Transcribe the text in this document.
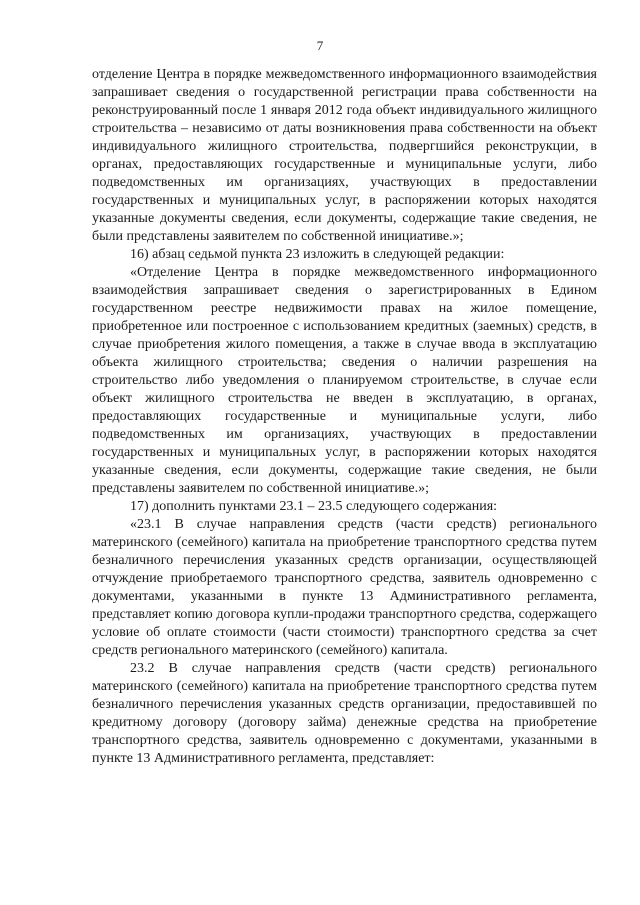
7

отделение Центра в порядке межведомственного информационного взаимодействия запрашивает сведения о государственной регистрации права собственности на реконструированный после 1 января 2012 года объект индивидуального жилищного строительства – независимо от даты возникновения права собственности на объект индивидуального жилищного строительства, подвергшийся реконструкции, в органах, предоставляющих государственные и муниципальные услуги, либо подведомственных им организациях, участвующих в предоставлении государственных и муниципальных услуг, в распоряжении которых находятся указанные документы сведения, если документы, содержащие такие сведения, не были представлены заявителем по собственной инициативе.»;

16) абзац седьмой пункта 23 изложить в следующей редакции:

«Отделение Центра в порядке межведомственного информационного взаимодействия запрашивает сведения о зарегистрированных в Едином государственном реестре недвижимости правах на жилое помещение, приобретенное или построенное с использованием кредитных (заемных) средств, в случае приобретения жилого помещения, а также в случае ввода в эксплуатацию объекта жилищного строительства; сведения о наличии разрешения на строительство либо уведомления о планируемом строительстве, в случае если объект жилищного строительства не введен в эксплуатацию, в органах, предоставляющих государственные и муниципальные услуги, либо подведомственных им организациях, участвующих в предоставлении государственных и муниципальных услуг, в распоряжении которых находятся указанные сведения, если документы, содержащие такие сведения, не были представлены заявителем по собственной инициативе.»;

17) дополнить пунктами 23.1 – 23.5 следующего содержания:

«23.1 В случае направления средств (части средств) регионального материнского (семейного) капитала на приобретение транспортного средства путем безналичного перечисления указанных средств организации, осуществляющей отчуждение приобретаемого транспортного средства, заявитель одновременно с документами, указанными в пункте 13 Административного регламента, представляет копию договора купли-продажи транспортного средства, содержащего условие об оплате стоимости (части стоимости) транспортного средства за счет средств регионального материнского (семейного) капитала.

23.2 В случае направления средств (части средств) регионального материнского (семейного) капитала на приобретение транспортного средства путем безналичного перечисления указанных средств организации, предоставившей по кредитному договору (договору займа) денежные средства на приобретение транспортного средства, заявитель одновременно с документами, указанными в пункте 13 Административного регламента, представляет:
